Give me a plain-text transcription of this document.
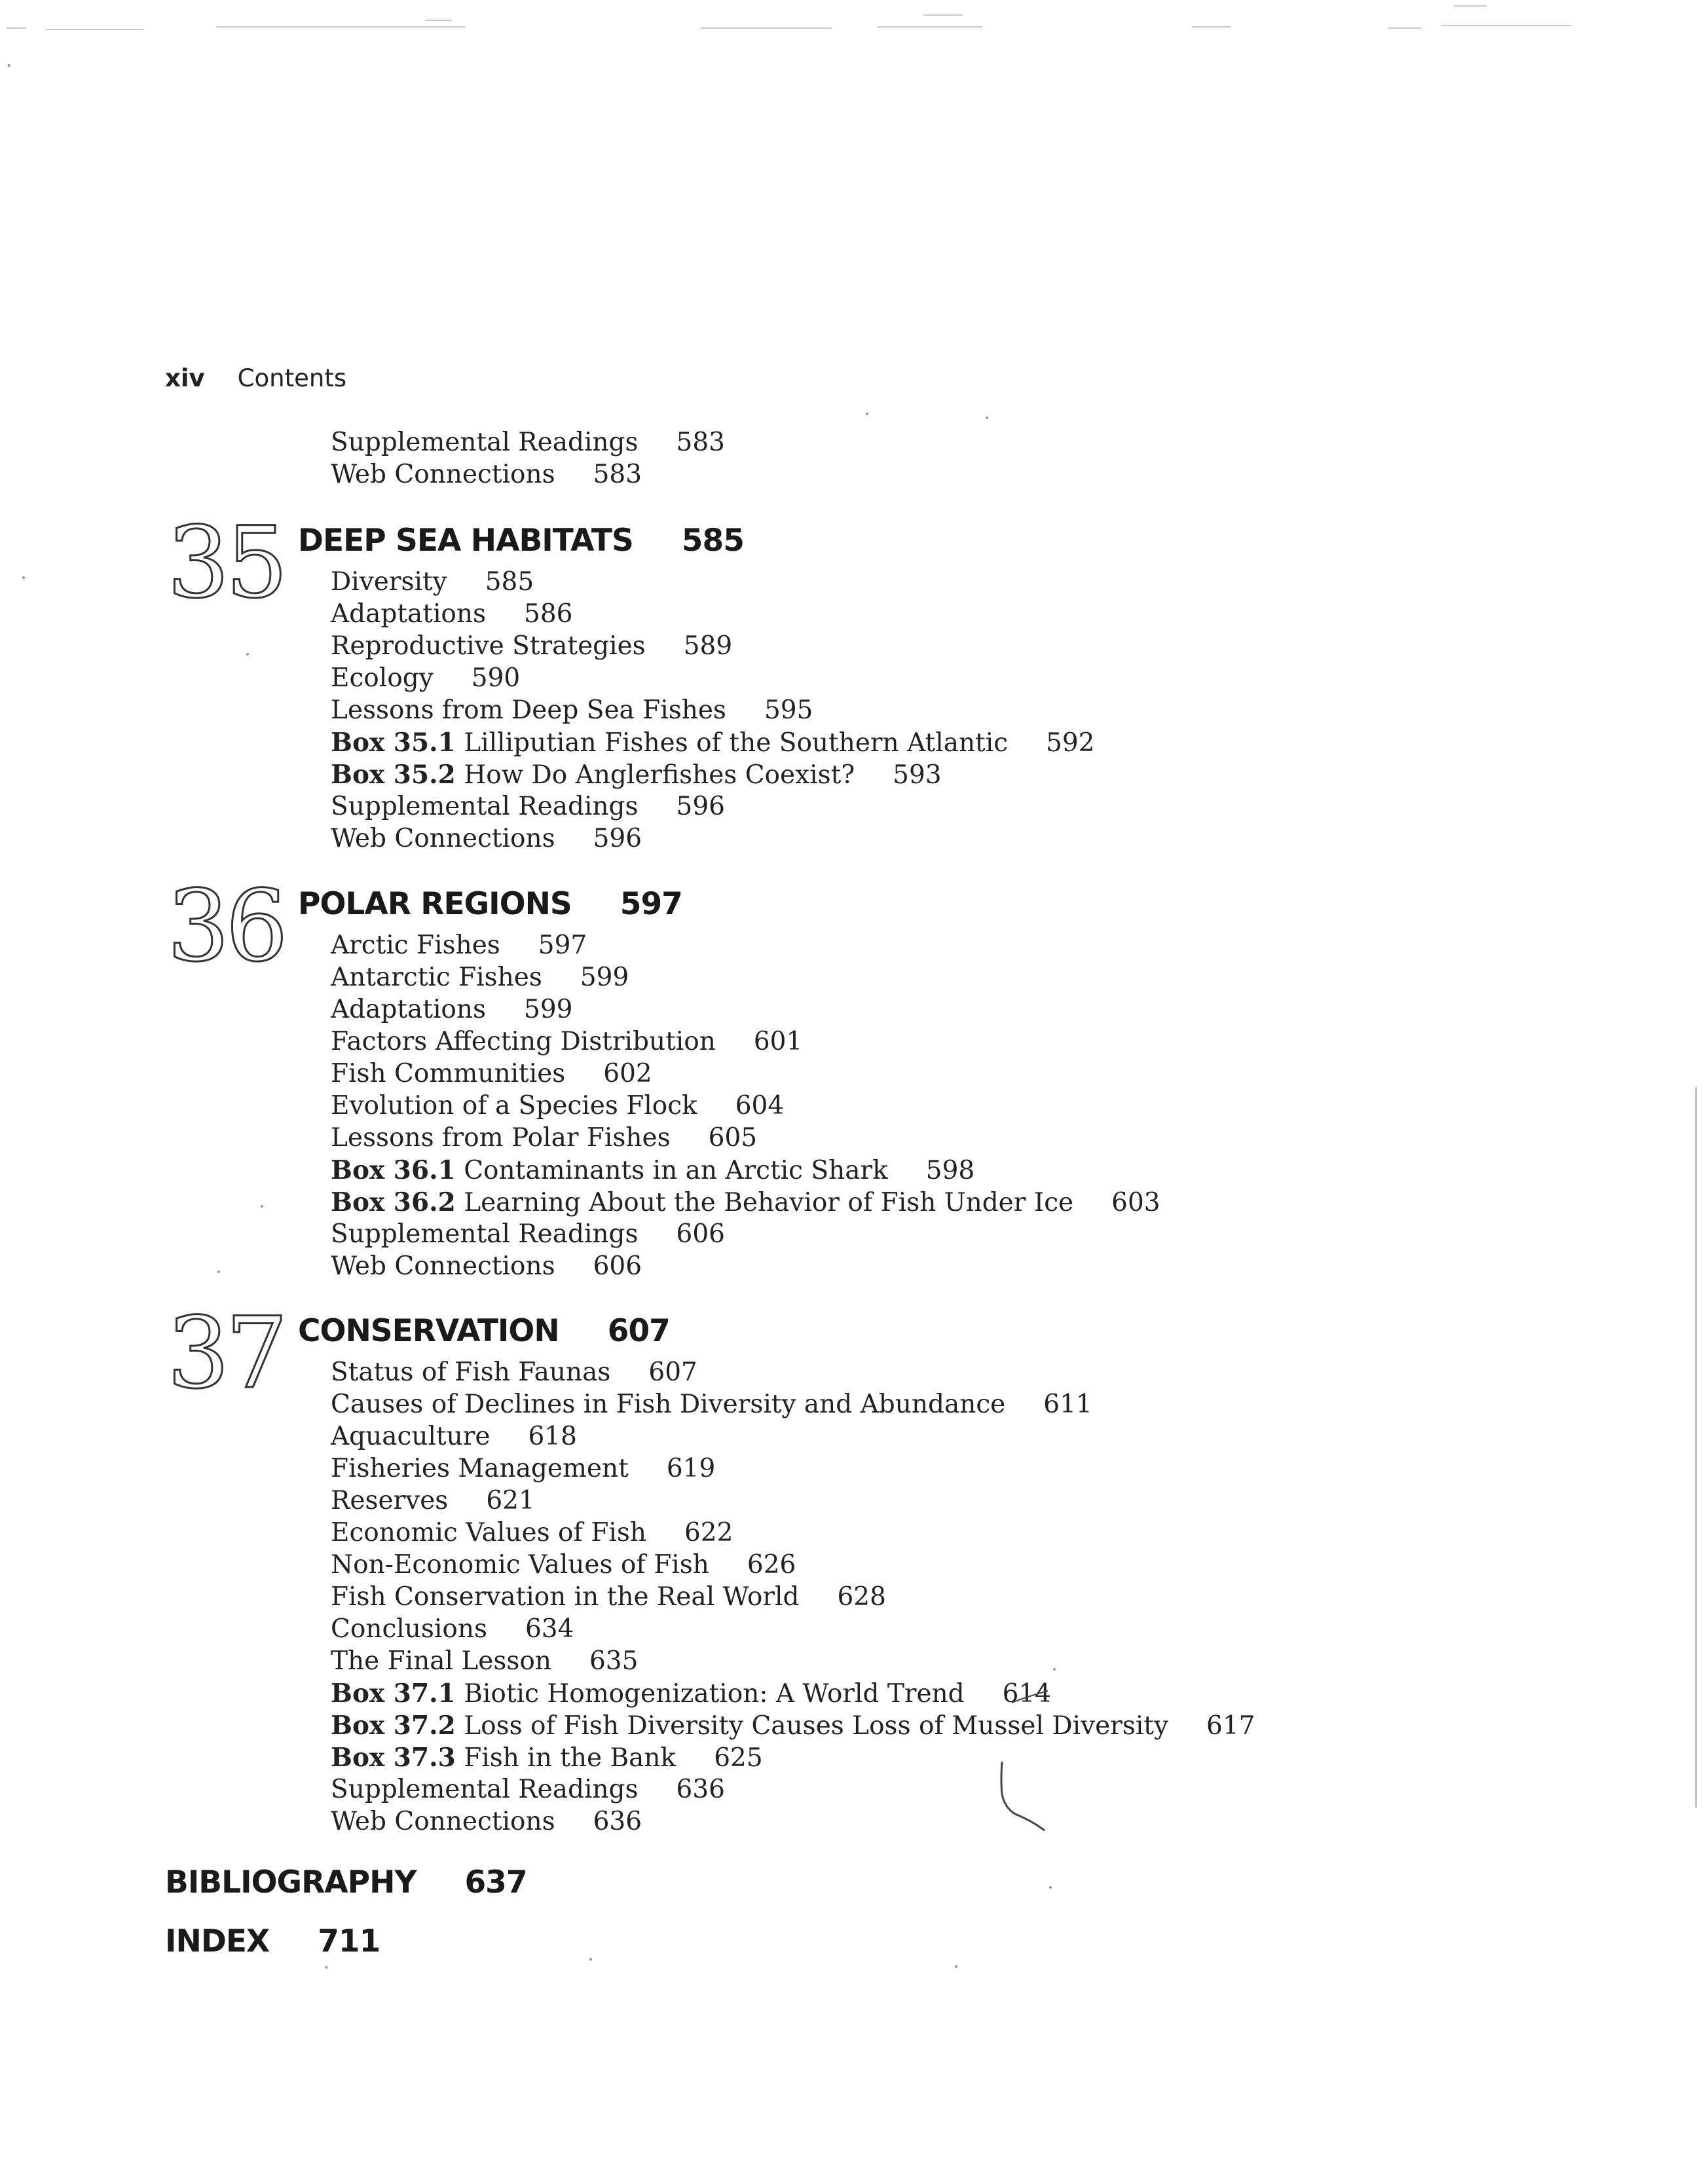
xiv Contents
Supplemental Readings 583
Web Connections 583
35 DEEP SEA HABITATS 585
Diversity 585
Adaptations 586
Reproductive Strategies 589
Ecology 590
Lessons from Deep Sea Fishes 595
Box 35.1 Lilliputian Fishes of the Southern Atlantic 592
Box 35.2 How Do Anglerfishes Coexist? 593
Supplemental Readings 596
Web Connections 596
36 POLAR REGIONS 597
Arctic Fishes 597
Antarctic Fishes 599
Adaptations 599
Factors Affecting Distribution 601
Fish Communities 602
Evolution of a Species Flock 604
Lessons from Polar Fishes 605
Box 36.1 Contaminants in an Arctic Shark 598
Box 36.2 Learning About the Behavior of Fish Under Ice 603
Supplemental Readings 606
Web Connections 606
37 CONSERVATION 607
Status of Fish Faunas 607
Causes of Declines in Fish Diversity and Abundance 611
Aquaculture 618
Fisheries Management 619
Reserves 621
Economic Values of Fish 622
Non-Economic Values of Fish 626
Fish Conservation in the Real World 628
Conclusions 634
The Final Lesson 635
Box 37.1 Biotic Homogenization: A World Trend 614
Box 37.2 Loss of Fish Diversity Causes Loss of Mussel Diversity 617
Box 37.3 Fish in the Bank 625
Supplemental Readings 636
Web Connections 636
BIBLIOGRAPHY 637
INDEX 711
